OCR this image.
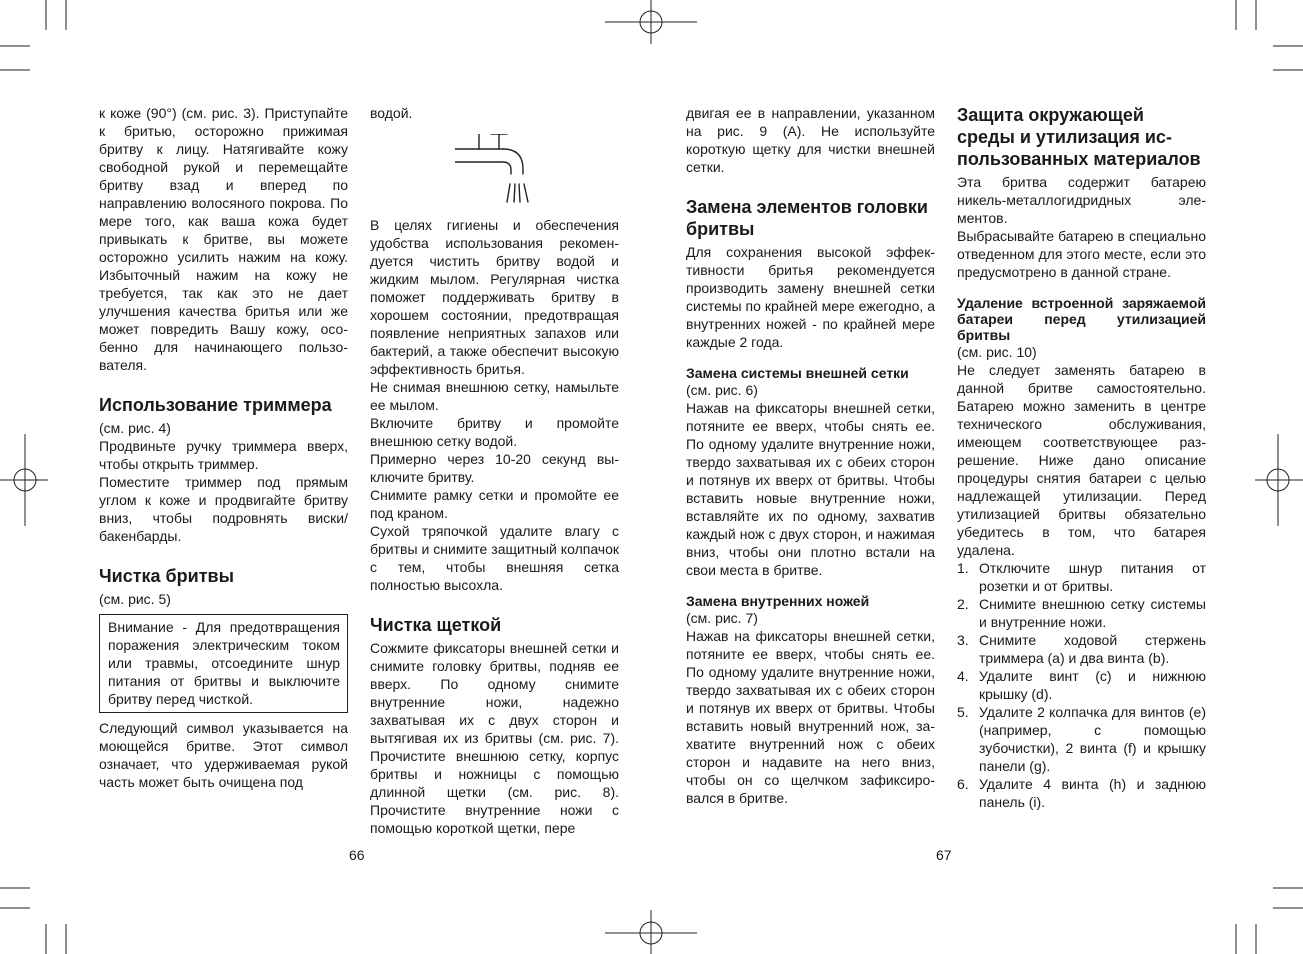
к коже (90°) (см. рис. 3). Приступайте к бритью, осторожно прижимая бритву к лицу. Натягивайте кожу свободной рукой и перемещайте бритву взад и вперед по направлению волосяного покрова. По мере того, как ваша кожа будет привыкать к бритве, вы можете осторожно усилить нажим на кожу. Избыточный нажим на кожу не требуется, так как это не дает улучшения качества бритья или же может повредить Вашу кожу, особенно для начинающего пользователя.

Использование триммера

(см. рис. 4)

Продвиньте ручку триммера вверх, чтобы открыть триммер.

Поместите триммер под прямым углом к коже и продвигайте бритву вниз, чтобы подровнять виски/ бакенбарды.

Чистка бритвы

(см. рис. 5)

Внимание - Для предотвращения поражения электрическим током или травмы, отсоедините шнур питания от бритвы и выключите бритву перед чисткой.

Следующий символ указывается на моющейся бритве. Этот символ означает, что удерживаемая рукой часть может быть очищена под

водой.

В целях гигиены и обеспечения удобства использования рекомендуется чистить бритву водой и жидким мылом. Регулярная чистка поможет поддерживать бритву в хорошем состоянии, предотвращая появление неприятных запахов или бактерий, а также обеспечит высокую эффективность бритья.

Не снимая внешнюю сетку, намыльте ее мылом.

Включите бритву и промойте внешнюю сетку водой.

Примерно через 10-20 секунд выключите бритву.

Снимите рамку сетки и промойте ее под краном.

Сухой тряпочкой удалите влагу с бритвы и снимите защитный колпачок с тем, чтобы внешняя сетка полностью высохла.

Чистка щеткой

Сожмите фиксаторы внешней сетки и снимите головку бритвы, подняв ее вверх. По одному снимите внутренние ножи, надежно захватывая их с двух сторон и вытягивая их из бритвы (см. рис. 7). Прочистите внешнюю сетку, корпус бритвы и ножницы с помощью длинной щетки (см. рис. 8). Прочистите внутренние ножи с помощью короткой щетки, пере

двигая ее в направлении, указанном на рис. 9 (A). Не используйте короткую щетку для чистки внешней сетки.

Замена элементов головки бритвы

Для сохранения высокой эффективности бритья рекомендуется производить замену внешней сетки системы по крайней мере ежегодно, а внутренних ножей - по крайней мере каждые 2 года.

Замена системы внешней сетки

(см. рис. 6)

Нажав на фиксаторы внешней сетки, потяните ее вверх, чтобы снять ее. По одному удалите внутренние ножи, твердо захватывая их с обеих сторон и потянув их вверх от бритвы. Чтобы вставить новые внутренние ножи, вставляйте их по одному, захватив каждый нож с двух сторон, и нажимая вниз, чтобы они плотно встали на свои места в бритве.

Замена внутренних ножей

(см. рис. 7)

Нажав на фиксаторы внешней сетки, потяните ее вверх, чтобы снять ее. По одному удалите внутренние ножи, твердо захватывая их с обеих сторон и потянув их вверх от бритвы. Чтобы вставить новый внутренний нож, захватите внутренний нож с обеих сторон и надавите на него вниз, чтобы он со щелчком зафиксировался в бритве.

Защита окружающей среды и утилизация использованных материалов

Эта бритва содержит батарею никель-металлогидридных элементов.

Выбрасывайте батарею в специально отведенном для этого месте, если это предусмотрено в данной стране.

Удаление встроенной заряжаемой батареи перед утилизацией бритвы

(см. рис. 10)

Не следует заменять батарею в данной бритве самостоятельно. Батарею можно заменить в центре технического обслуживания, имеющем соответствующее разрешение. Ниже дано описание процедуры снятия батареи с целью надлежащей утилизации. Перед утилизацией бритвы обязательно убедитесь в том, что батарея удалена.

1. Отключите шнур питания от розетки и от бритвы.
2. Снимите внешнюю сетку системы и внутренние ножи.
3. Снимите ходовой стержень триммера (a) и два винта (b).
4. Удалите винт (c) и нижнюю крышку (d).
5. Удалите 2 колпачка для винтов (e) (например, с помощью зубочистки), 2 винта (f) и крышку панели (g).
6. Удалите 4 винта (h) и заднюю панель (i).
66	67
